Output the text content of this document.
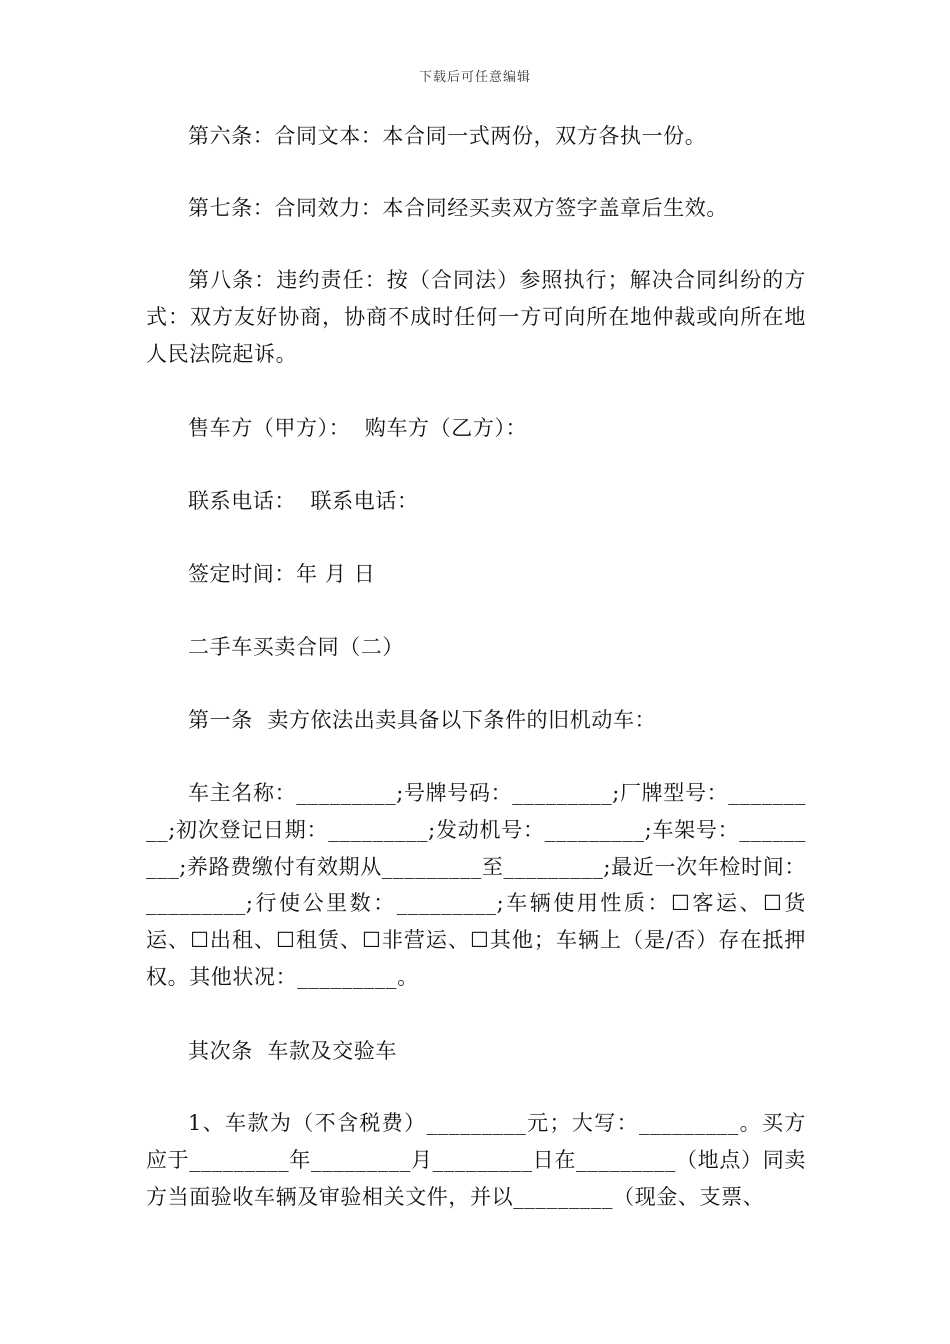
下载后可任意编辑

第六条：合同文本：本合同一式两份，双方各执一份。

第七条：合同效力：本合同经买卖双方签字盖章后生效。

第八条：违约责任：按（合同法）参照执行；解决合同纠纷的方式：双方友好协商，协商不成时任何一方可向所在地仲裁或向所在地人民法院起诉。

售车方（甲方）：  购车方（乙方）：

联系电话：  联系电话：

签定时间：年 月 日

二手车买卖合同（二）

第一条  卖方依法出卖具备以下条件的旧机动车：

车主名称：_________;号牌号码：_________;厂牌型号：_________;初次登记日期：_________;发动机号：_________;车架号：_________;养路费缴付有效期从_________至_________;最近一次年检时间：_________;行使公里数：_________;车辆使用性质：☐客运、☐货运、☐出租、☐租赁、☐非营运、☐其他；车辆上（是/否）存在抵押权。其他状况：_________。

其次条  车款及交验车

1、车款为（不含税费）_________元；大写：_________。买方应于_________年_________月_________日在_________（地点）同卖方当面验收车辆及审验相关文件，并以_________（现金、支票、
